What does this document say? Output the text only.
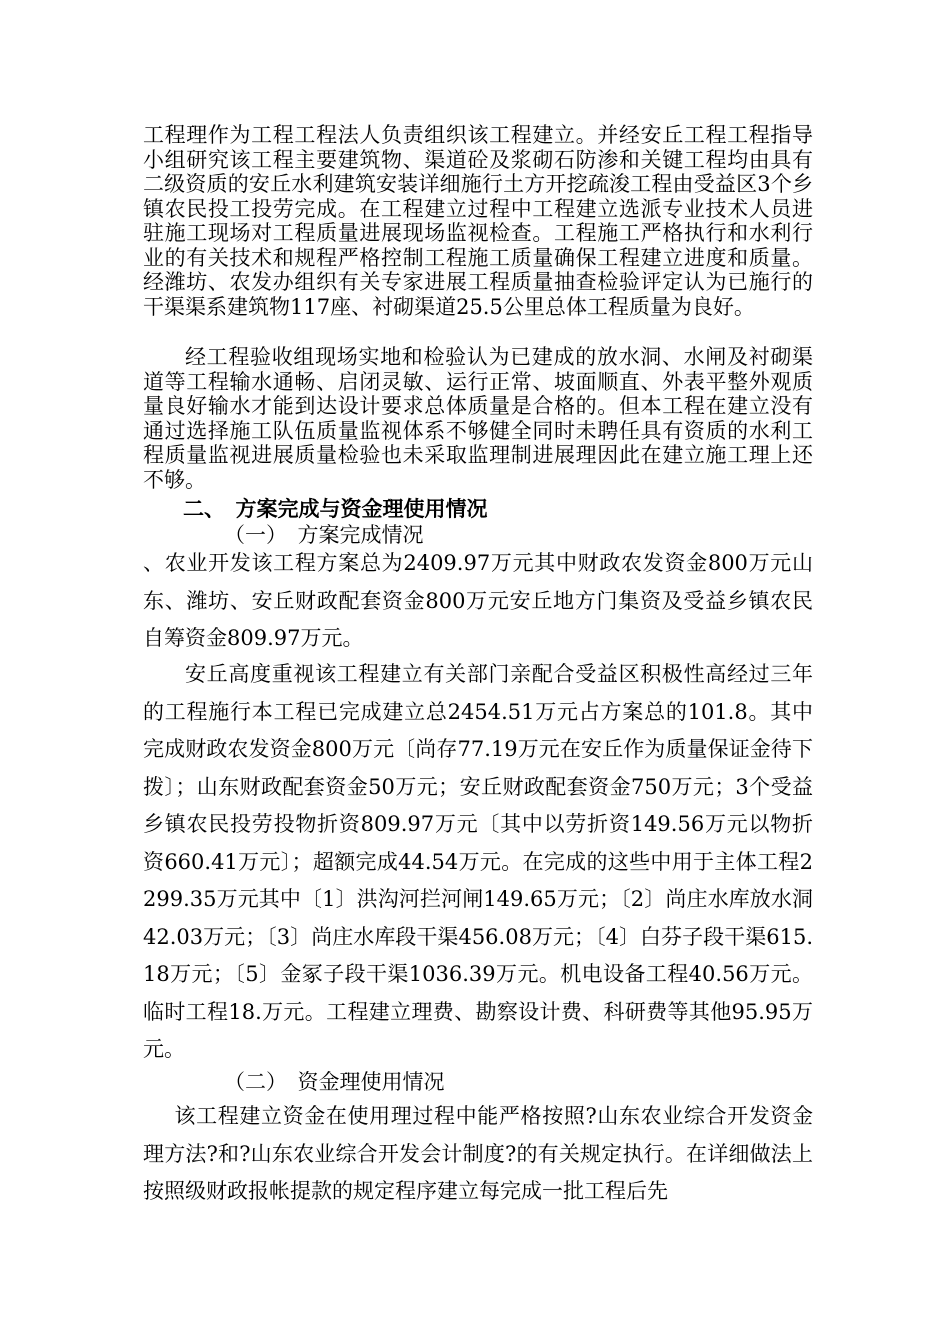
工程理作为工程工程法人负责组织该工程建立。并经安丘工程工程指导小组研究该工程主要建筑物、渠道砼及浆砌石防渗和关键工程均由具有二级资质的安丘水利建筑安装详细施行土方开挖疏浚工程由受益区3个乡镇农民投工投劳完成。在工程建立过程中工程建立选派专业技术人员进驻施工现场对工程质量进展现场监视检查。工程施工严格执行和水利行业的有关技术和规程严格控制工程施工质量确保工程建立进度和质量。经潍坊、农发办组织有关专家进展工程质量抽查检验评定认为已施行的干渠渠系建筑物117座、衬砌渠道25.5公里总体工程质量为良好。

经工程验收组现场实地和检验认为已建成的放水洞、水闸及衬砌渠道等工程输水通畅、启闭灵敏、运行正常、坡面顺直、外表平整外观质量良好输水才能到达设计要求总体质量是合格的。但本工程在建立没有通过选择施工队伍质量监视体系不够健全同时未聘任具有资质的水利工程质量监视进展质量检验也未采取监理制进展理因此在建立施工理上还不够。

二、　方案完成与资金理使用情况

（一）　方案完成情况

、农业开发该工程方案总为2409.97万元其中财政农发资金800万元山东、潍坊、安丘财政配套资金800万元安丘地方门集资及受益乡镇农民自筹资金809.97万元。

安丘高度重视该工程建立有关部门亲配合受益区积极性高经过三年的工程施行本工程已完成建立总2454.51万元占方案总的101.8。其中完成财政农发资金800万元〔尚存77.19万元在安丘作为质量保证金待下拨〕；山东财政配套资金50万元；安丘财政配套资金750万元；3个受益乡镇农民投劳投物折资809.97万元〔其中以劳折资149.56万元以物折资660.41万元〕；超额完成44.54万元。在完成的这些中用于主体工程2299.35万元其中〔1〕洪沟河拦河闸149.65万元；〔2〕尚庄水库放水洞42.03万元；〔3〕尚庄水库段干渠456.08万元；〔4〕白芬子段干渠615.18万元；〔5〕金冢子段干渠1036.39万元。机电设备工程40.56万元。临时工程18.万元。工程建立理费、勘察设计费、科研费等其他95.95万元。

（二）　资金理使用情况

该工程建立资金在使用理过程中能严格按照?山东农业综合开发资金理方法?和?山东农业综合开发会计制度?的有关规定执行。在详细做法上按照级财政报帐提款的规定程序建立每完成一批工程后先
